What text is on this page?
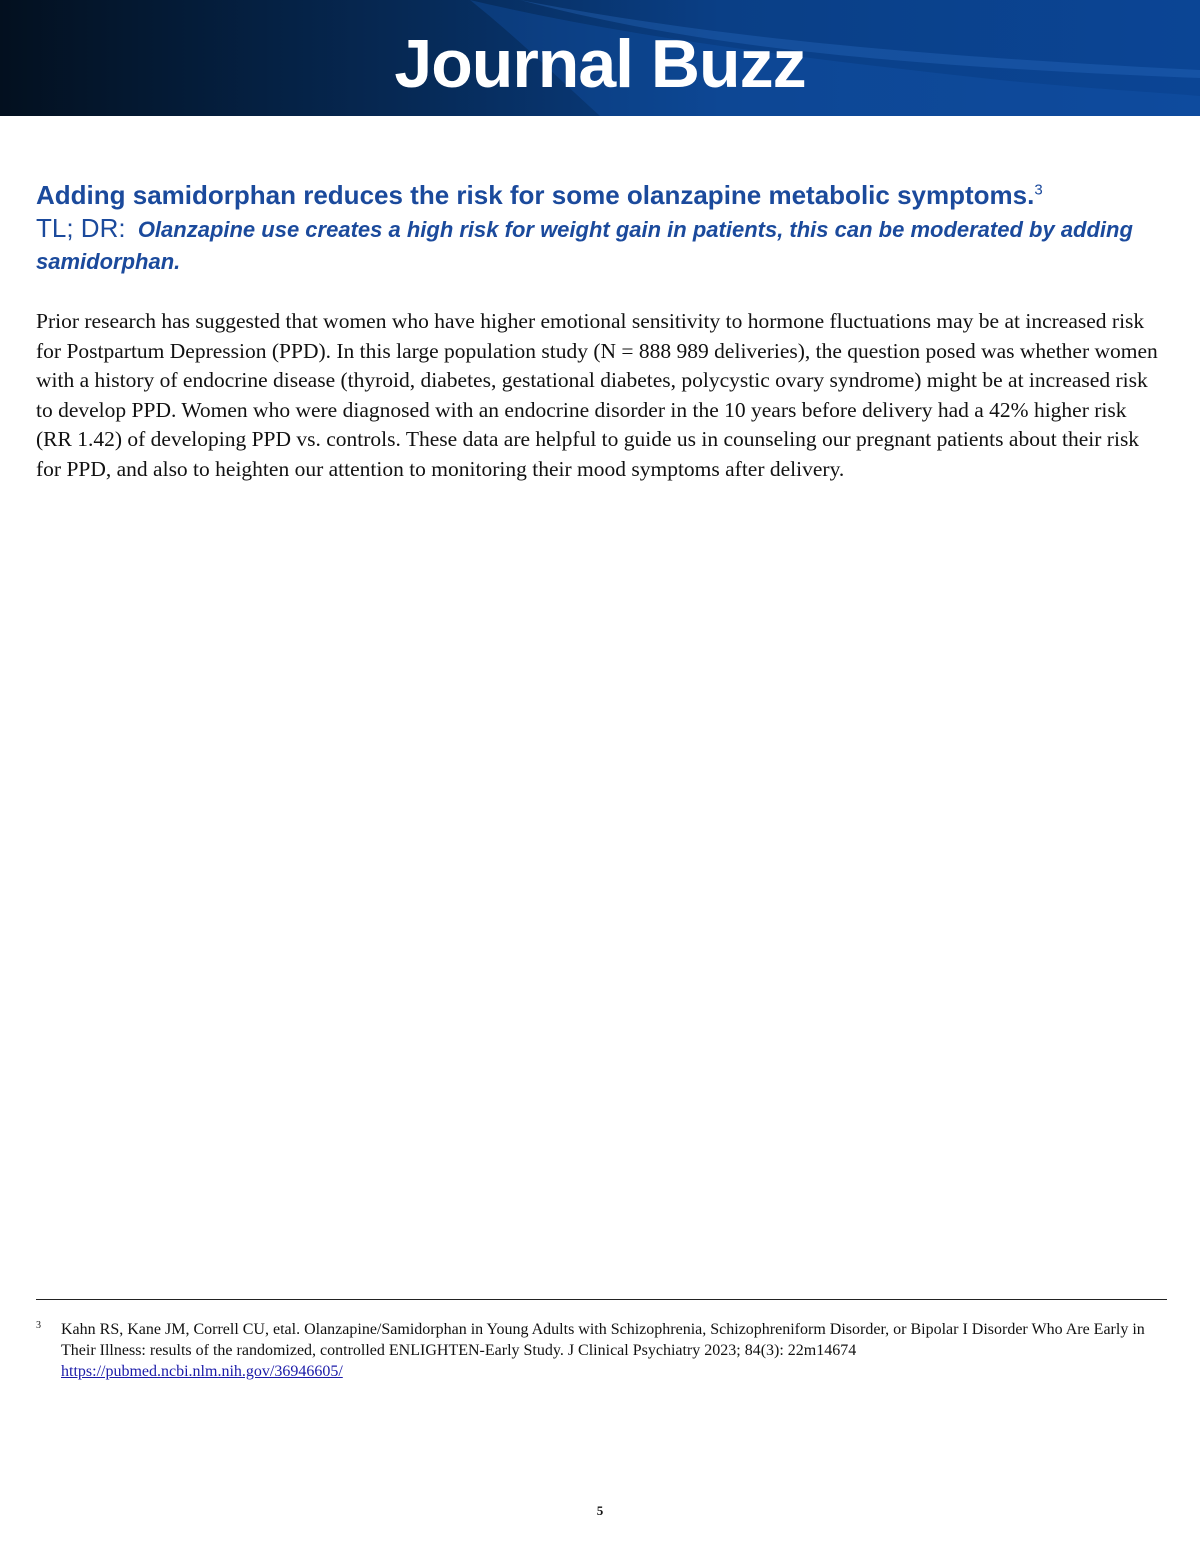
Journal Buzz
Adding samidorphan reduces the risk for some olanzapine metabolic symptoms.$^3$
TL; DR: Olanzapine use creates a high risk for weight gain in patients, this can be moderated by adding samidorphan.

Prior research has suggested that women who have higher emotional sensitivity to hormone fluctuations may be at increased risk for Postpartum Depression (PPD). In this large population study (N = 888 989 deliveries), the question posed was whether women with a history of endocrine disease (thyroid, diabetes, gestational diabetes, polycystic ovary syndrome) might be at increased risk to develop PPD. Women who were diagnosed with an endocrine disorder in the 10 years before delivery had a 42% higher risk (RR 1.42) of developing PPD vs. controls. These data are helpful to guide us in counseling our pregnant patients about their risk for PPD, and also to heighten our attention to monitoring their mood symptoms after delivery.

3 Kahn RS, Kane JM, Correll CU, etal. Olanzapine/Samidorphan in Young Adults with Schizophrenia, Schizophreniform Disorder, or Bipolar I Disorder Who Are Early in Their Illness: results of the randomized, controlled ENLIGHTEN-Early Study. J Clinical Psychiatry 2023; 84(3): 22m14674
https://pubmed.ncbi.nlm.nih.gov/36946605/
5
